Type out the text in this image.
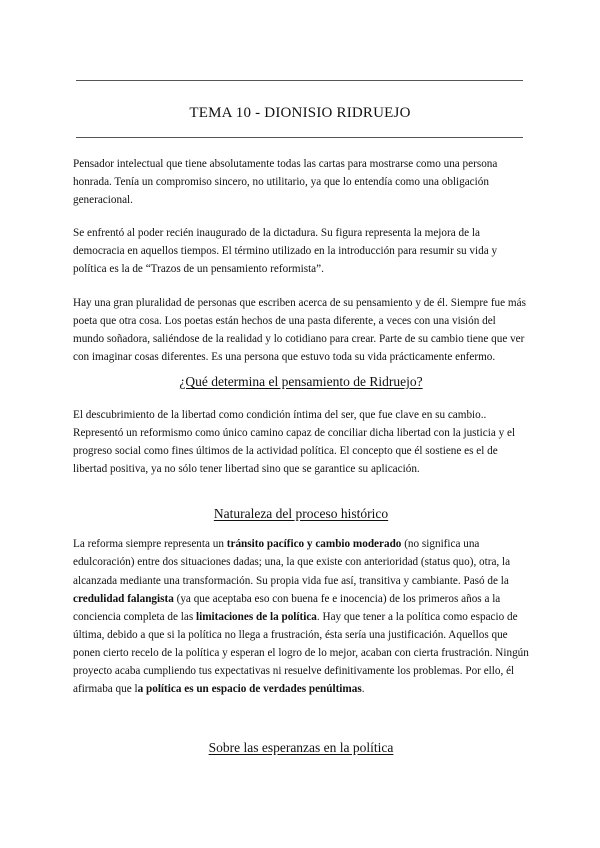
TEMA 10 - DIONISIO RIDRUEJO

Pensador intelectual que tiene absolutamente todas las cartas para mostrarse como una persona honrada. Tenía un compromiso sincero, no utilitario, ya que lo entendía como una obligación generacional.

Se enfrentó al poder recién inaugurado de la dictadura. Su figura representa la mejora de la democracia en aquellos tiempos. El término utilizado en la introducción para resumir su vida y política es la de “Trazos de un pensamiento reformista”.

Hay una gran pluralidad de personas que escriben acerca de su pensamiento y de él. Siempre fue más poeta que otra cosa. Los poetas están hechos de una pasta diferente, a veces con una visión del mundo soñadora, saliéndose de la realidad y lo cotidiano para crear. Parte de su cambio tiene que ver con imaginar cosas diferentes. Es una persona que estuvo toda su vida prácticamente enfermo.

¿Qué determina el pensamiento de Ridruejo?

El descubrimiento de la libertad como condición íntima del ser, que fue clave en su cambio.. Representó un reformismo como único camino capaz de conciliar dicha libertad con la justicia y el progreso social como fines últimos de la actividad política. El concepto que él sostiene es el de libertad positiva, ya no sólo tener libertad sino que se garantice su aplicación.

Naturaleza del proceso histórico

La reforma siempre representa un tránsito pacífico y cambio moderado (no significa una edulcoración) entre dos situaciones dadas; una, la que existe con anterioridad (status quo), otra, la alcanzada mediante una transformación. Su propia vida fue así, transitiva y cambiante. Pasó de la credulidad falangista (ya que aceptaba eso con buena fe e inocencia) de los primeros años a la conciencia completa de las limitaciones de la política. Hay que tener a la política como espacio de última, debido a que si la política no llega a frustración, ésta sería una justificación. Aquellos que ponen cierto recelo de la política y esperan el logro de lo mejor, acaban con cierta frustración. Ningún proyecto acaba cumpliendo tus expectativas ni resuelve definitivamente los problemas. Por ello, él afirmaba que la política es un espacio de verdades penúltimas.

Sobre las esperanzas en la política
